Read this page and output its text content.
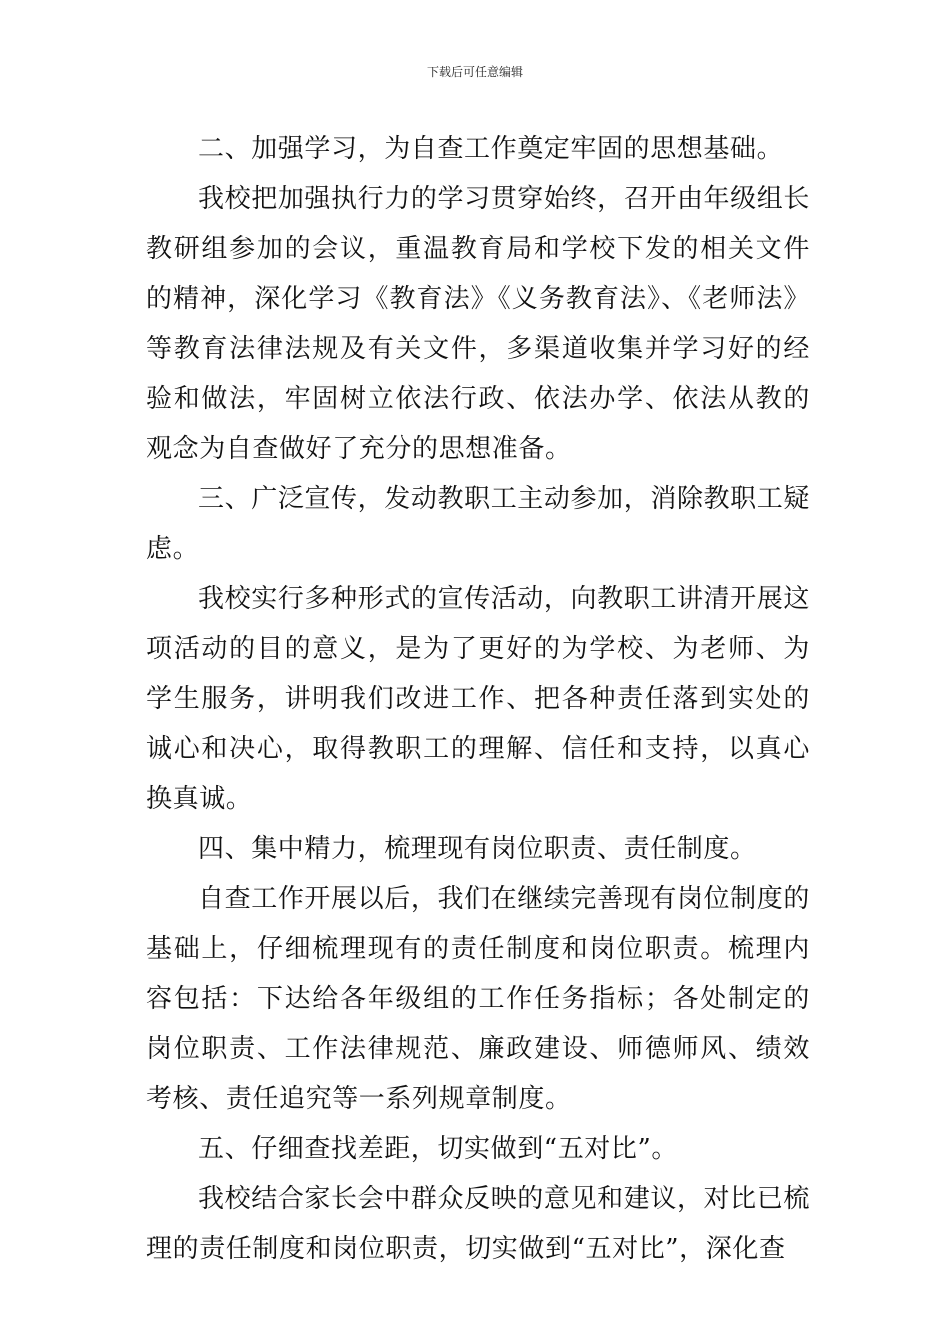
下载后可任意编辑

二、加强学习，为自查工作奠定牢固的思想基础。

我校把加强执行力的学习贯穿始终，召开由年级组长教研组参加的会议，重温教育局和学校下发的相关文件的精神，深化学习《教育法》《义务教育法》、《老师法》等教育法律法规及有关文件，多渠道收集并学习好的经验和做法，牢固树立依法行政、依法办学、依法从教的观念为自查做好了充分的思想准备。

三、广泛宣传，发动教职工主动参加，消除教职工疑虑。

我校实行多种形式的宣传活动，向教职工讲清开展这项活动的目的意义，是为了更好的为学校、为老师、为学生服务，讲明我们改进工作、把各种责任落到实处的诚心和决心，取得教职工的理解、信任和支持，以真心换真诚。

四、集中精力，梳理现有岗位职责、责任制度。

自查工作开展以后，我们在继续完善现有岗位制度的基础上，仔细梳理现有的责任制度和岗位职责。梳理内容包括：下达给各年级组的工作任务指标；各处制定的岗位职责、工作法律规范、廉政建设、师德师风、绩效考核、责任追究等一系列规章制度。

五、仔细查找差距，切实做到“五对比”。

我校结合家长会中群众反映的意见和建议，对比已梳理的责任制度和岗位职责，切实做到“五对比”，深化查
